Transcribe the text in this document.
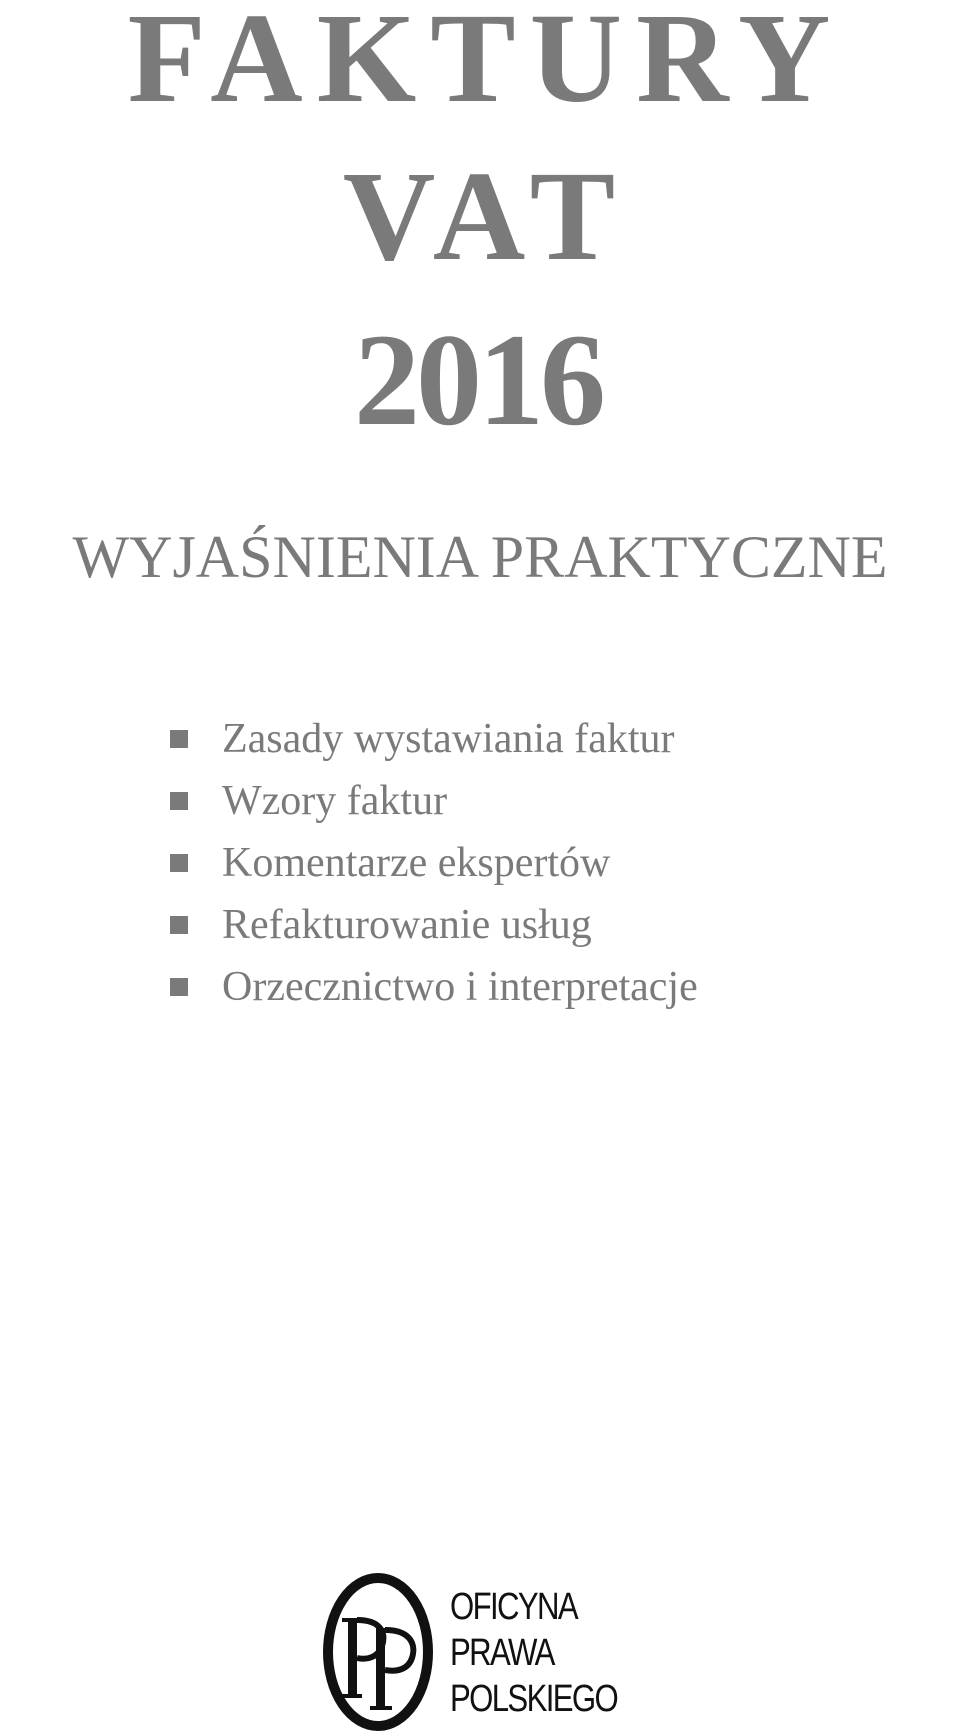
FAKTURY
VAT
2016
WYJAŚNIENIA PRAKTYCZNE
Zasady wystawiania faktur
Wzory faktur
Komentarze ekspertów
Refakturowanie usług
Orzecznictwo i interpretacje
OFICYNA
PRAWA
POLSKIEGO
